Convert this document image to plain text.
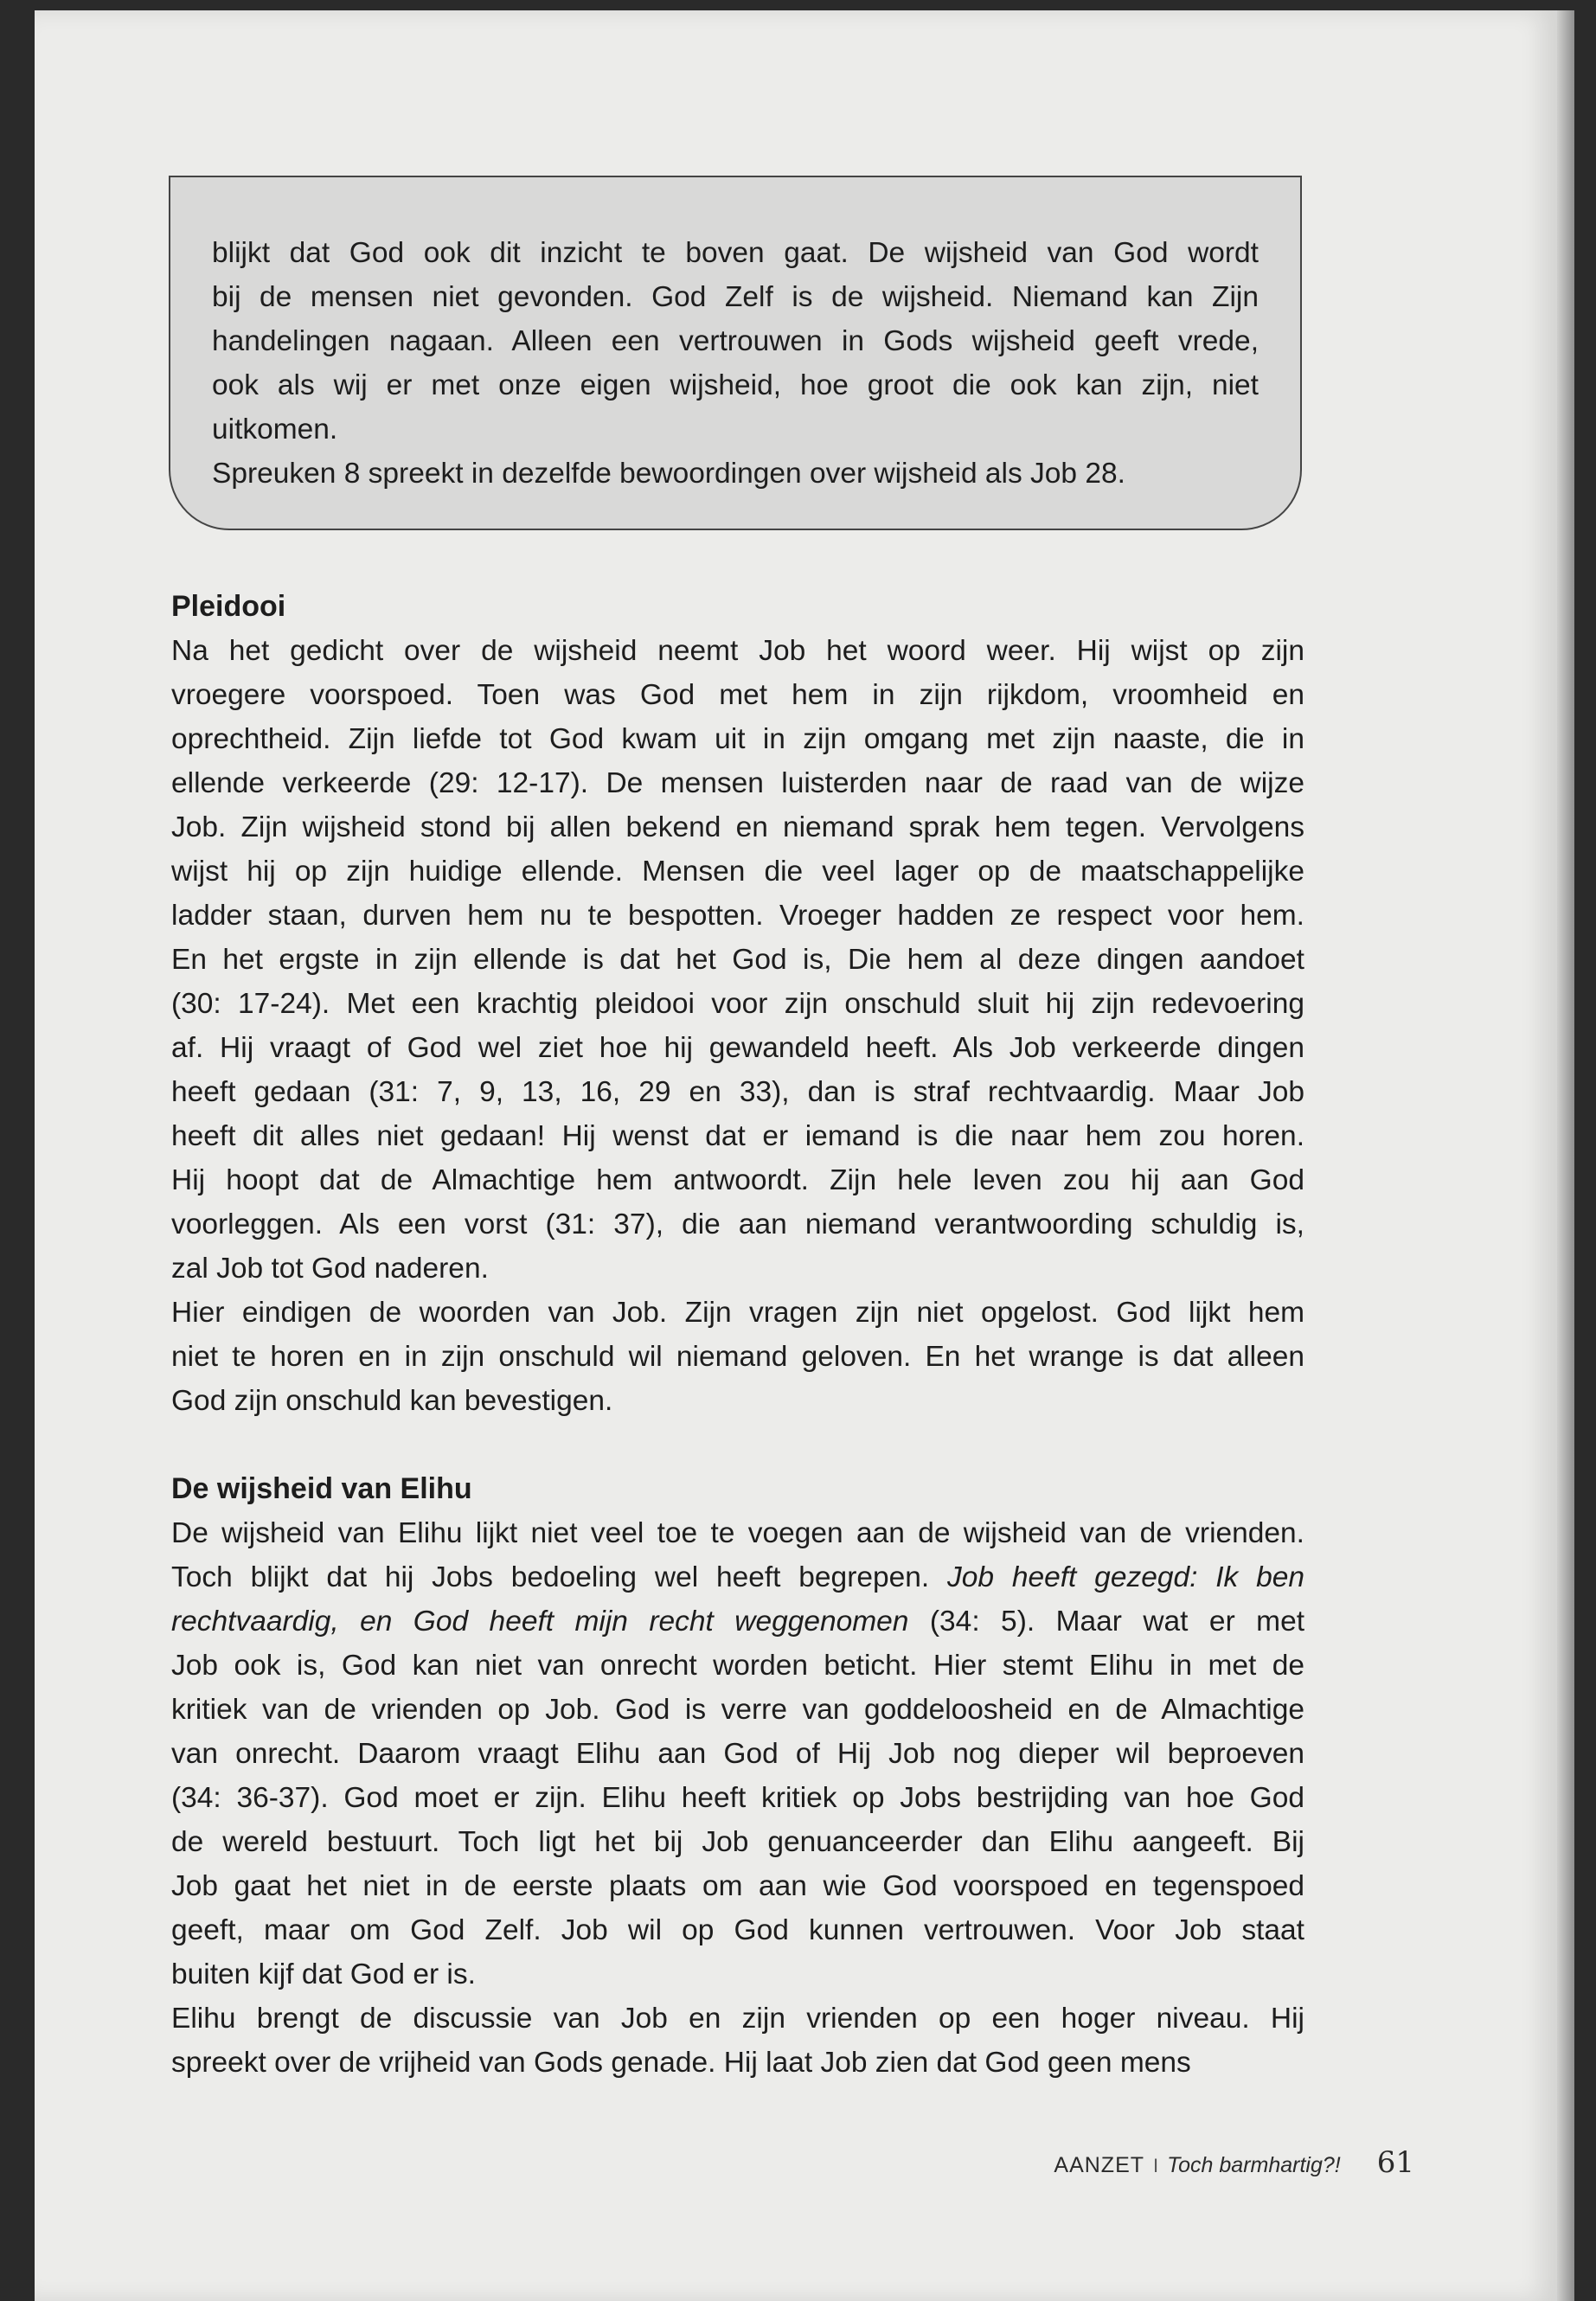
blijkt dat God ook dit inzicht te boven gaat. De wijsheid van God wordt

bij de mensen niet gevonden. God Zelf is de wijsheid. Niemand kan Zijn

handelingen nagaan. Alleen een vertrouwen in Gods wijsheid geeft vrede,

ook als wij er met onze eigen wijsheid, hoe groot die ook kan zijn, niet

uitkomen.

Spreuken 8 spreekt in dezelfde bewoordingen over wijsheid als Job 28.

Pleidooi

Na het gedicht over de wijsheid neemt Job het woord weer. Hij wijst op zijn

vroegere voorspoed. Toen was God met hem in zijn rijkdom, vroomheid en

oprechtheid. Zijn liefde tot God kwam uit in zijn omgang met zijn naaste, die in

ellende verkeerde (29: 12-17). De mensen luisterden naar de raad van de wijze

Job. Zijn wijsheid stond bij allen bekend en niemand sprak hem tegen. Vervolgens

wijst hij op zijn huidige ellende. Mensen die veel lager op de maatschappelijke

ladder staan, durven hem nu te bespotten. Vroeger hadden ze respect voor hem.

En het ergste in zijn ellende is dat het God is, Die hem al deze dingen aandoet

(30: 17-24). Met een krachtig pleidooi voor zijn onschuld sluit hij zijn redevoering

af. Hij vraagt of God wel ziet hoe hij gewandeld heeft. Als Job verkeerde dingen

heeft gedaan (31: 7, 9, 13, 16, 29 en 33), dan is straf rechtvaardig. Maar Job

heeft dit alles niet gedaan! Hij wenst dat er iemand is die naar hem zou horen.

Hij hoopt dat de Almachtige hem antwoordt. Zijn hele leven zou hij aan God

voorleggen. Als een vorst (31: 37), die aan niemand verantwoording schuldig is,

zal Job tot God naderen.

Hier eindigen de woorden van Job. Zijn vragen zijn niet opgelost. God lijkt hem

niet te horen en in zijn onschuld wil niemand geloven. En het wrange is dat alleen

God zijn onschuld kan bevestigen.

De wijsheid van Elihu

De wijsheid van Elihu lijkt niet veel toe te voegen aan de wijsheid van de vrienden.

Toch blijkt dat hij Jobs bedoeling wel heeft begrepen. Job heeft gezegd: Ik ben

rechtvaardig, en God heeft mijn recht weggenomen (34: 5). Maar wat er met

Job ook is, God kan niet van onrecht worden beticht. Hier stemt Elihu in met de

kritiek van de vrienden op Job. God is verre van goddeloosheid en de Almachtige

van onrecht. Daarom vraagt Elihu aan God of Hij Job nog dieper wil beproeven

(34: 36-37). God moet er zijn. Elihu heeft kritiek op Jobs bestrijding van hoe God

de wereld bestuurt. Toch ligt het bij Job genuanceerder dan Elihu aangeeft. Bij

Job gaat het niet in de eerste plaats om aan wie God voorspoed en tegenspoed

geeft, maar om God Zelf. Job wil op God kunnen vertrouwen. Voor Job staat

buiten kijf dat God er is.

Elihu brengt de discussie van Job en zijn vrienden op een hoger niveau. Hij

spreekt over de vrijheid van Gods genade. Hij laat Job zien dat God geen mens

AANZET I Toch barmhartig?! 61
